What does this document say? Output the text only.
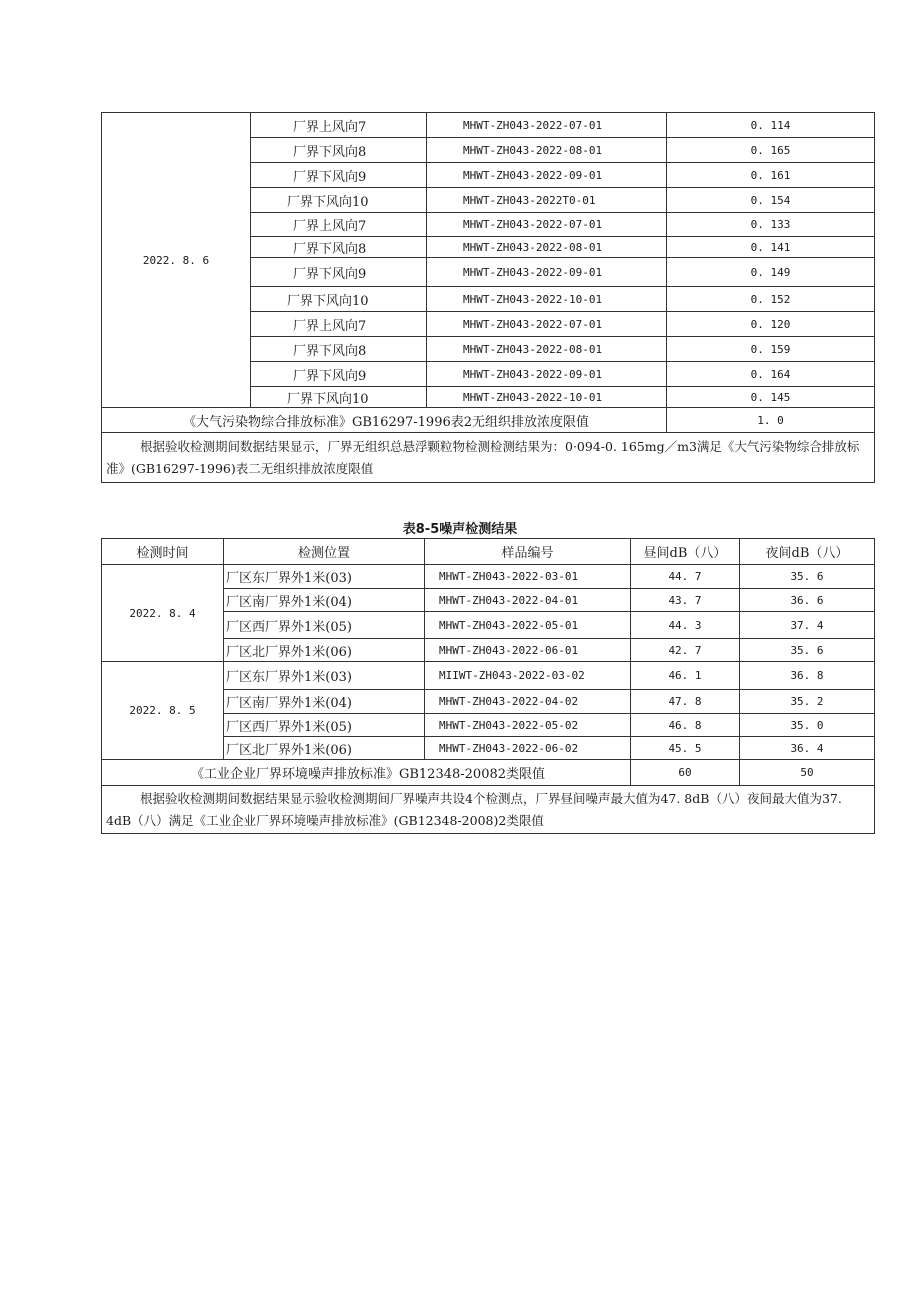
2022. 8. 6	厂界上风向7	MHWT-ZH043-2022-07-01	0. 114
	厂界下风向8	MHWT-ZH043-2022-08-01	0. 165
	厂界下风向9	MHWT-ZH043-2022-09-01	0. 161
	厂界下风向10	MHWT-ZH043-2022T0-01	0. 154
	厂界上风向7	MHWT-ZH043-2022-07-01	0. 133
	厂界下风向8	MHWT-ZH043-2022-08-01	0. 141
	厂界下风向9	MHWT-ZH043-2022-09-01	0. 149
	厂界下风向10	MHWT-ZH043-2022-10-01	0. 152
	厂界上风向7	MHWT-ZH043-2022-07-01	0. 120
	厂界下风向8	MHWT-ZH043-2022-08-01	0. 159
	厂界下风向9	MHWT-ZH043-2022-09-01	0. 164
	厂界下风向10	MHWT-ZH043-2022-10-01	0. 145
《大气污染物综合排放标准》GB16297-1996表2无组织排放浓度限值			1. 0
根据验收检测期间数据结果显示，厂界无组织总悬浮颗粒物检测检测结果为：0·094-0. 165mg／m3满足《大气污染物综合排放标准》(GB16297-1996)表二无组织排放浓度限值			
表8-5噪声检测结果
检测时间	检测位置	样品编号	昼间dB（八）	夜间dB（八）
2022. 8. 4	厂区东厂界外1米(03)	MHWT-ZH043-2022-03-01	44. 7	35. 6
	厂区南厂界外1米(04)	MHWT-ZH043-2022-04-01	43. 7	36. 6
	厂区西厂界外1米(05)	MHWT-ZH043-2022-05-01	44. 3	37. 4
	厂区北厂界外1米(06)	MHWT-ZH043-2022-06-01	42. 7	35. 6
2022. 8. 5	厂区东厂界外1米(03)	MIIWT-ZH043-2022-03-02	46. 1	36. 8
	厂区南厂界外1米(04)	MHWT-ZH043-2022-04-02	47. 8	35. 2
	厂区西厂界外1米(05)	MHWT-ZH043-2022-05-02	46. 8	35. 0
	厂区北厂界外1米(06)	MHWT-ZH043-2022-06-02	45. 5	36. 4
《工业企业厂界环境噪声排放标准》GB12348-20082类限值			60	50
根据验收检测期间数据结果显示验收检测期间厂界噪声共设4个检测点，厂界昼间噪声最大值为47. 8dB（八）夜间最大值为37. 4dB（八）满足《工业企业厂界环境噪声排放标准》(GB12348-2008)2类限值				
